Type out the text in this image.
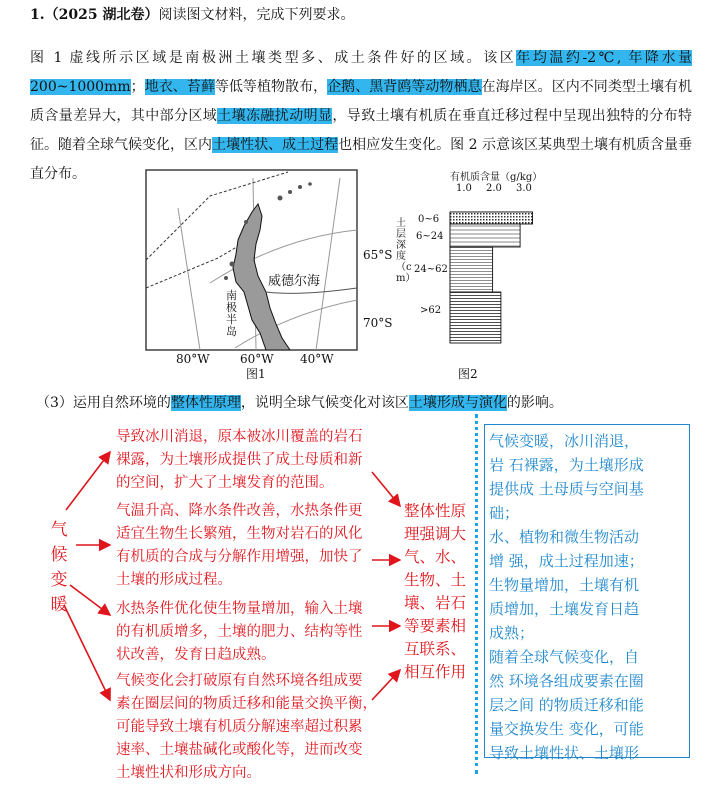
1.（2025 湖北卷）阅读图文材料，完成下列要求。
图 1 虚线所示区域是南极洲土壤类型多、成土条件好的区域。该区年均温约-2℃, 年降水量 200~1000mm；地衣、苔藓等低等植物散布，企鹅、黑背鸥等动物栖息在海岸区。区内不同类型土壤有机质含量差异大，其中部分区域土壤冻融扰动明显，导致土壤有机质在垂直迁移过程中呈现出独特的分布特征。随着全球气候变化，区内土壤性状、成土过程也相应发生变化。图 2 示意该区某典型土壤有机质含量垂直分布。
威德尔海
南极半岛
65°S
70°S
80°W	60°W 40°W
图1
有机质含量（g/kg）
1.0 2.0 3.0
土层深度（cm）
0~6
6~24
24~62
>62
图2
（3）运用自然环境的整体性原理，说明全球气候变化对该区土壤形成与演化的影响。
气
候
变
暖
导致冰川消退，原本被冰川覆盖的岩石
裸露，为土壤形成提供了成土母质和新
的空间，扩大了土壤发育的范围。
气温升高、降水条件改善，水热条件更
适宜生物生长繁殖，生物对岩石的风化
有机质的合成与分解作用增强，加快了
土壤的形成过程。
水热条件优化使生物量增加，输入土壤
的有机质增多，土壤的肥力、结构等性
状改善，发育日趋成熟。
气候变化会打破原有自然环境各组成要
素在圈层间的物质迁移和能量交换平衡，
可能导致土壤有机质分解速率超过积累
速率、土壤盐碱化或酸化等，进而改变
土壤性状和形成方向。
整体性原
理强调大
气、水、
生物、土
壤、岩石
等要素相
互联系、
相互作用
气候变暖，冰川消退，
岩 石裸露，为土壤形成
提供成 土母质与空间基
础；
水、植物和微生物活动
增 强，成土过程加速；
生物量增加，土壤有机
质增加，土壤发育日趋
成熟；
随着全球气候变化，自
然 环境各组成要素在圈
层之间 的物质迁移和能
量交换发生 变化，可能
导致土壤性状、土壤形
